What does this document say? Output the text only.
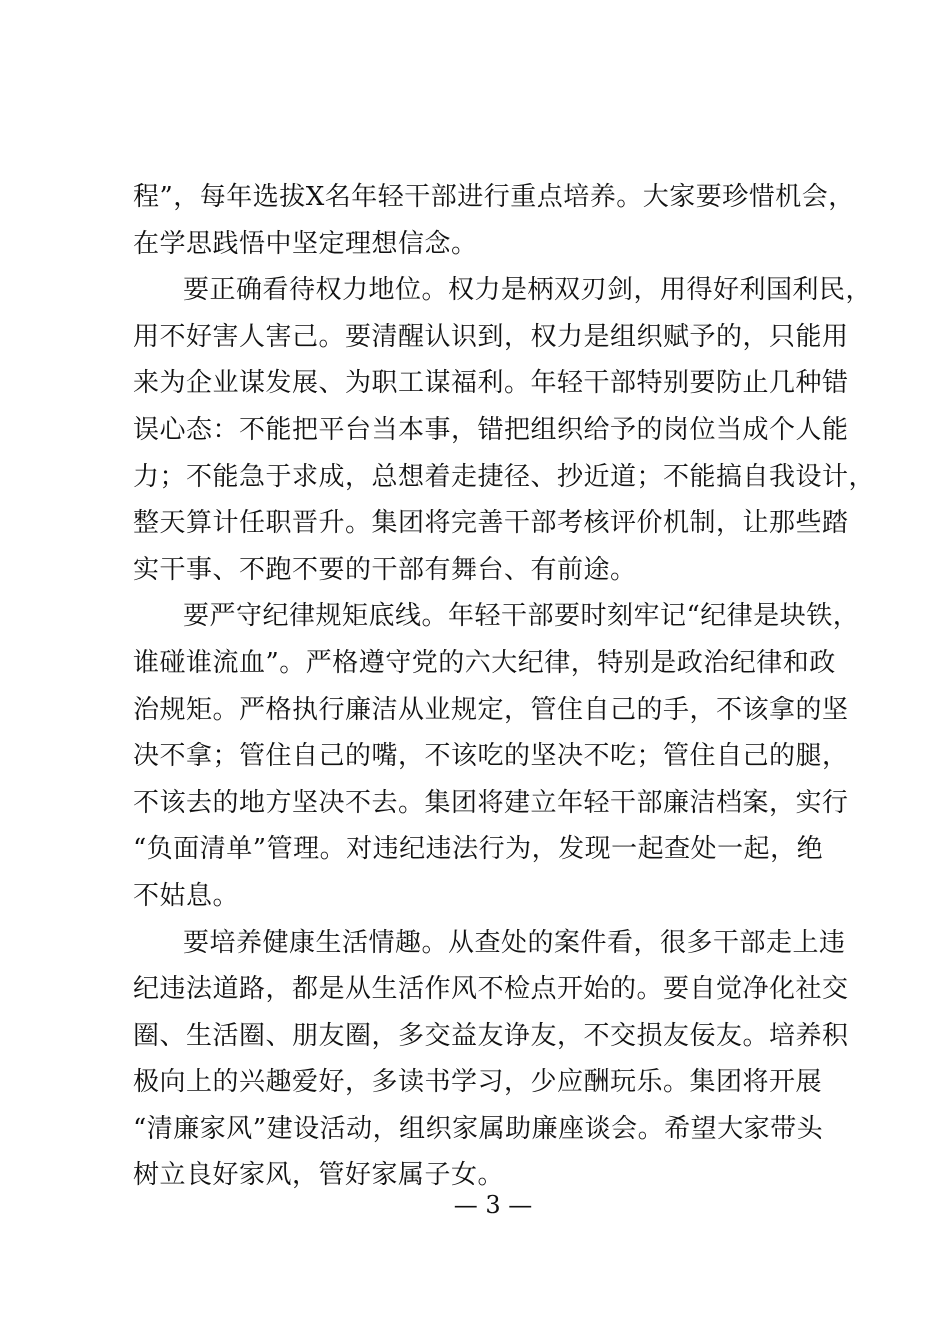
程”，每年选拔X名年轻干部进行重点培养。大家要珍惜机会，
在学思践悟中坚定理想信念。
要正确看待权力地位。权力是柄双刃剑，用得好利国利民，
用不好害人害己。要清醒认识到，权力是组织赋予的，只能用
来为企业谋发展、为职工谋福利。年轻干部特别要防止几种错
误心态：不能把平台当本事，错把组织给予的岗位当成个人能
力；不能急于求成，总想着走捷径、抄近道；不能搞自我设计，
整天算计任职晋升。集团将完善干部考核评价机制，让那些踏
实干事、不跑不要的干部有舞台、有前途。
要严守纪律规矩底线。年轻干部要时刻牢记“纪律是块铁，
谁碰谁流血”。严格遵守党的六大纪律，特别是政治纪律和政
治规矩。严格执行廉洁从业规定，管住自己的手，不该拿的坚
决不拿；管住自己的嘴，不该吃的坚决不吃；管住自己的腿，
不该去的地方坚决不去。集团将建立年轻干部廉洁档案，实行
“负面清单”管理。对违纪违法行为，发现一起查处一起，绝
不姑息。
要培养健康生活情趣。从查处的案件看，很多干部走上违
纪违法道路，都是从生活作风不检点开始的。要自觉净化社交
圈、生活圈、朋友圈，多交益友诤友，不交损友佞友。培养积
极向上的兴趣爱好，多读书学习，少应酬玩乐。集团将开展
“清廉家风”建设活动，组织家属助廉座谈会。希望大家带头
树立良好家风，管好家属子女。
— 3 —
